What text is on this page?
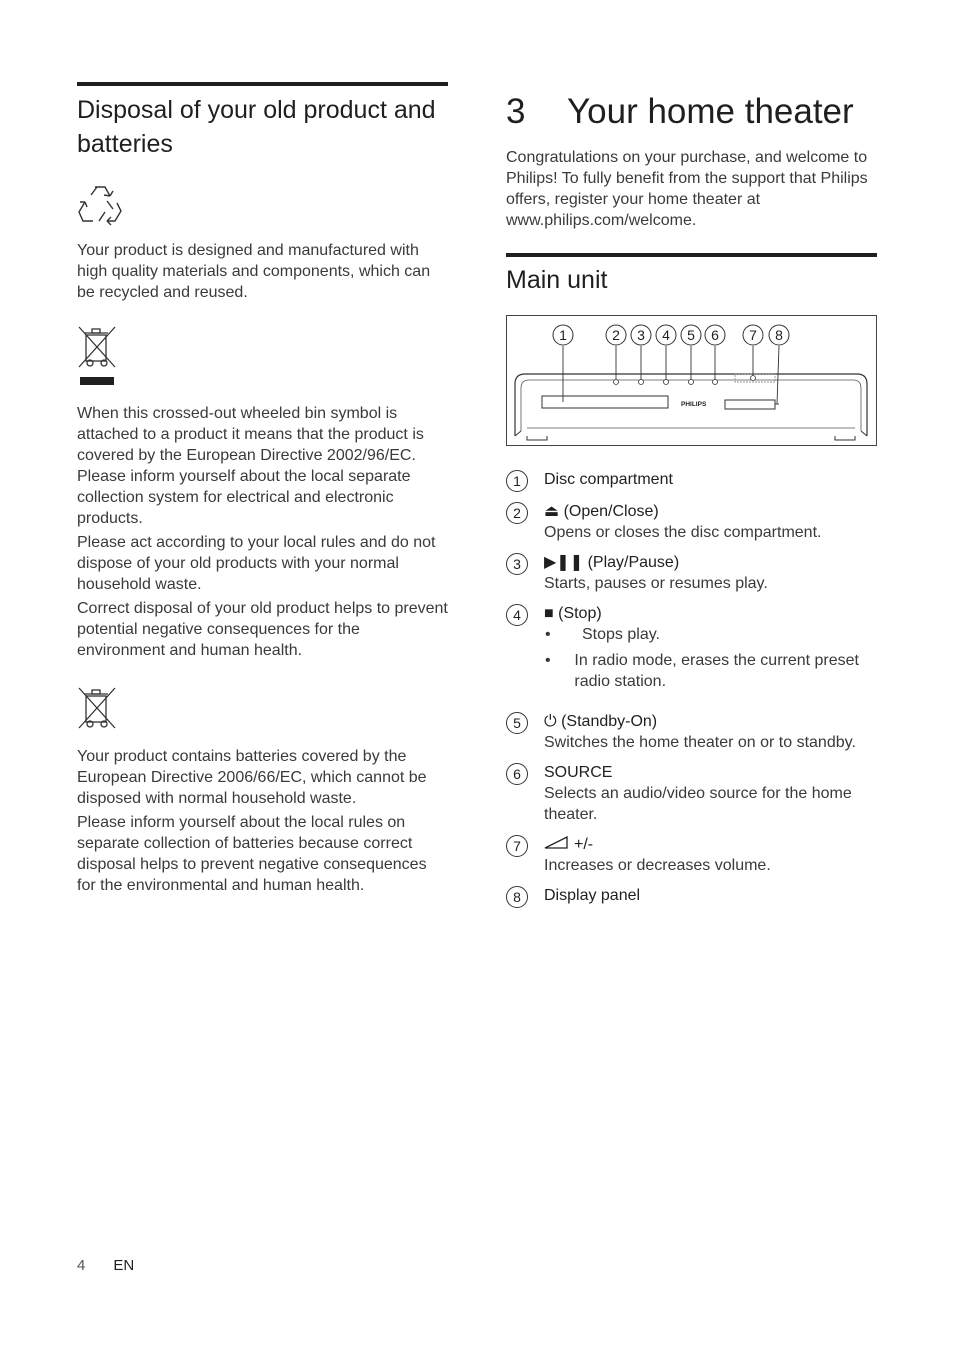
Disposal of your old product and batteries

Your product is designed and manufactured with high quality materials and components, which can be recycled and reused.

When this crossed-out wheeled bin symbol is attached to a product it means that the product is covered by the European Directive 2002/96/EC. Please inform yourself about the local separate collection system for electrical and electronic products.

Please act according to your local rules and do not dispose of your old products with your normal household waste.

Correct disposal of your old product helps to prevent potential negative consequences for the environment and human health.

Your product contains batteries covered by the European Directive 2006/66/EC, which cannot be disposed with normal household waste.

Please inform yourself about the local rules on separate collection of batteries because correct disposal helps to prevent negative consequences for the environmental and human health.

3	Your home theater

Congratulations on your purchase, and welcome to Philips! To fully benefit from the support that Philips offers, register your home theater at www.philips.com/welcome.

Main unit
PHILIPS
1	2 3 4 5 6 7 8
1	Disc compartment
2	⏏ (Open/Close)

Opens or closes the disc compartment.

3	▶❚❚ (Play/Pause)

Starts, pauses or resumes play.

4	■ (Stop)
•	Stops play.
•	In radio mode, erases the current preset radio station.
5	⏻ (Standby-On)

Switches the home theater on or to standby.

6	SOURCE

Selects an audio/video source for the home theater.

7	+/-

Increases or decreases volume.

8	Display panel
4 EN
